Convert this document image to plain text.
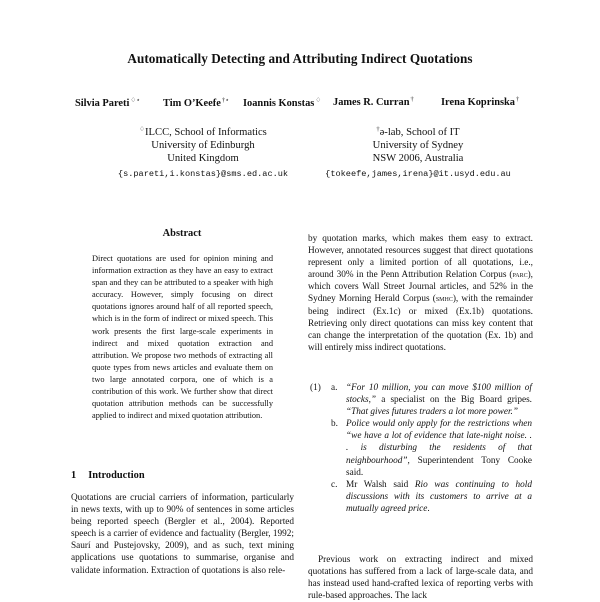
Automatically Detecting and Attributing Indirect Quotations
Silvia Pareti♢⋆ Tim O’Keefe†⋆ Ioannis Konstas♢ James R. Curran†	Irena Koprinska†
♢ILCC, School of Informatics
University of Edinburgh
United Kingdom
{s.pareti,i.konstas}@sms.ed.ac.uk
†ə-lab, School of IT
University of Sydney
NSW 2006, Australia
{tokeefe,james,irena}@it.usyd.edu.au
Abstract
Direct quotations are used for opinion mining and information extraction as they have an easy to extract span and they can be attributed to a speaker with high accuracy. However, simply focusing on direct quotations ignores around half of all reported speech, which is in the form of indirect or mixed speech. This work presents the first large-scale experiments in indirect and mixed quotation extraction and attribution. We propose two methods of extracting all quote types from news articles and evaluate them on two large annotated corpora, one of which is a contribution of this work. We further show that direct quotation attribution methods can be successfully applied to indirect and mixed quotation attribution.
1 Introduction
Quotations are crucial carriers of information, particularly in news texts, with up to 90% of sentences in some articles being reported speech (Bergler et al., 2004). Reported speech is a carrier of evidence and factuality (Bergler, 1992; Saurí and Pustejovsky, 2009), and as such, text mining applications use quotations to summarise, organise and validate information. Extraction of quotations is also rele-
by quotation marks, which makes them easy to extract. However, annotated resources suggest that direct quotations represent only a limited portion of all quotations, i.e., around 30% in the Penn Attribution Relation Corpus (parc), which covers Wall Street Journal articles, and 52% in the Sydney Morning Herald Corpus (smhc), with the remainder being indirect (Ex.1c) or mixed (Ex.1b) quotations. Retrieving only direct quotations can miss key content that can change the interpretation of the quotation (Ex. 1b) and will entirely miss indirect quotations.
(1) a. “For 10 million, you can move $100 million of stocks,” a specialist on the Big Board gripes. “That gives futures traders a lot more power.”
b. Police would only apply for the restrictions when “we have a lot of evidence that late-night noise. . . is disturbing the residents of that neighbourhood”, Superintendent Tony Cooke said.
c. Mr Walsh said Rio was continuing to hold discussions with its customers to arrive at a mutually agreed price.
Previous work on extracting indirect and mixed quotations has suffered from a lack of large-scale data, and has instead used hand-crafted lexica of reporting verbs with rule-based approaches. The lack
